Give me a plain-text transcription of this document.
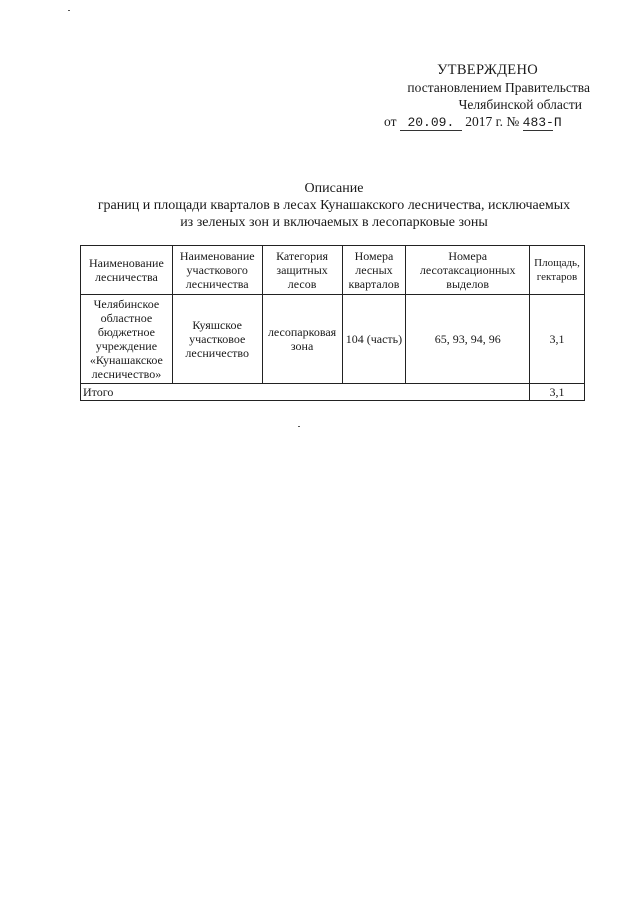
УТВЕРЖДЕНО
постановлением Правительства
Челябинской области
от 20.09. 2017 г. № 483-П
Описание
границ и площади кварталов в лесах Кунашакского лесничества, исключаемых
из зеленых зон и включаемых в лесопарковые зоны
Наименование лесничества	Наименование участкового лесничества	Категория защитных лесов	Номера лесных кварталов	Номера лесотаксационных выделов	Площадь, гектаров
Челябинское областное бюджетное учреждение «Кунашакское лесничество»	Куяшское участковое лесничество	лесопарковая зона	104 (часть)	65, 93, 94, 96	3,1
Итого					3,1
